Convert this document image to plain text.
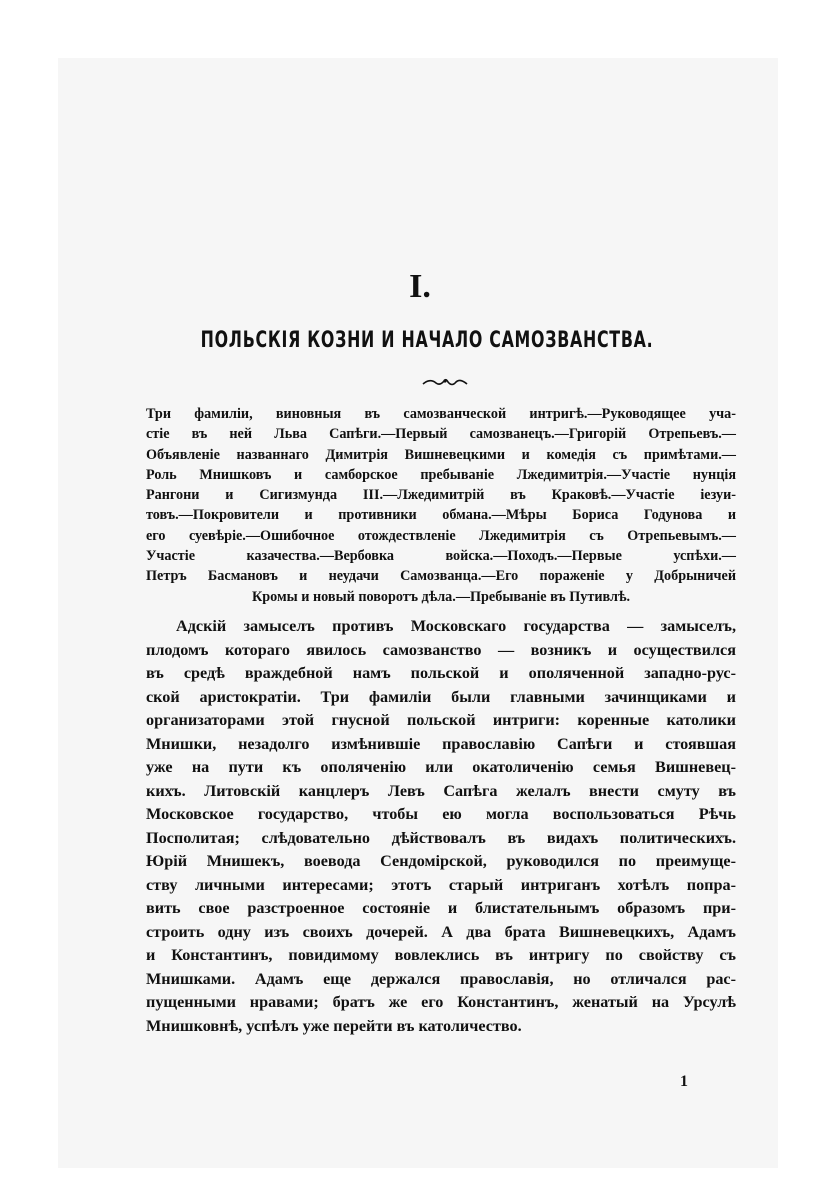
I.
ПОЛЬСКІЯ КОЗНИ И НАЧАЛО САМОЗВАНСТВА.
Три фамиліи, виновныя въ самозванческой интригѣ.—Руководящее уча-
стіе въ ней Льва Сапѣги.—Первый самозванецъ.—Григорій Отрепьевъ.—
Объявленіе названнаго Димитрія Вишневецкими и комедія съ примѣтами.—
Роль Мнишковъ и самборское пребываніе Лжедимитрія.—Участіе нунція
Рангони и Сигизмунда III.—Лжедимитрій въ Краковѣ.—Участіе іезуи-
товъ.—Покровители и противники обмана.—Мѣры Бориса Годунова и
его суевѣріе.—Ошибочное отождествленіе Лжедимитрія съ Отрепьевымъ.—
Участіе казачества.—Вербовка войска.—Походъ.—Первые успѣхи.—
Петръ Басмановъ и неудачи Самозванца.—Его пораженіе у Добрыничей
Кромы и новый поворотъ дѣла.—Пребываніе въ Путивлѣ.
Адскій замыселъ противъ Московскаго государства — замыселъ,
плодомъ котораго явилось самозванство — возникъ и осуществился
въ средѣ враждебной намъ польской и ополяченной западно-рус-
ской аристократіи. Три фамиліи были главными зачинщиками и
организаторами этой гнусной польской интриги: коренные католики
Мнишки, незадолго измѣнившіе православію Сапѣги и стоявшая
уже на пути къ ополяченію или окатоличенію семья Вишневец-
кихъ. Литовскій канцлеръ Левъ Сапѣга желалъ внести смуту въ
Московское государство, чтобы ею могла воспользоваться Рѣчь
Посполитая; слѣдовательно дѣйствовалъ въ видахъ политическихъ.
Юрій Мнишекъ, воевода Сендомірской, руководился по преимуще-
ству личными интересами; этотъ старый интриганъ хотѣлъ попра-
вить свое разстроенное состояніе и блистательнымъ образомъ при-
строить одну изъ своихъ дочерей. А два брата Вишневецкихъ, Адамъ
и Константинъ, повидимому вовлеклись въ интригу по свойству съ
Мнишками. Адамъ еще держался православія, но отличался рас-
пущенными нравами; братъ же его Константинъ, женатый на Урсулѣ
Мнишковнѣ, успѣлъ уже перейти въ католичество.
1
